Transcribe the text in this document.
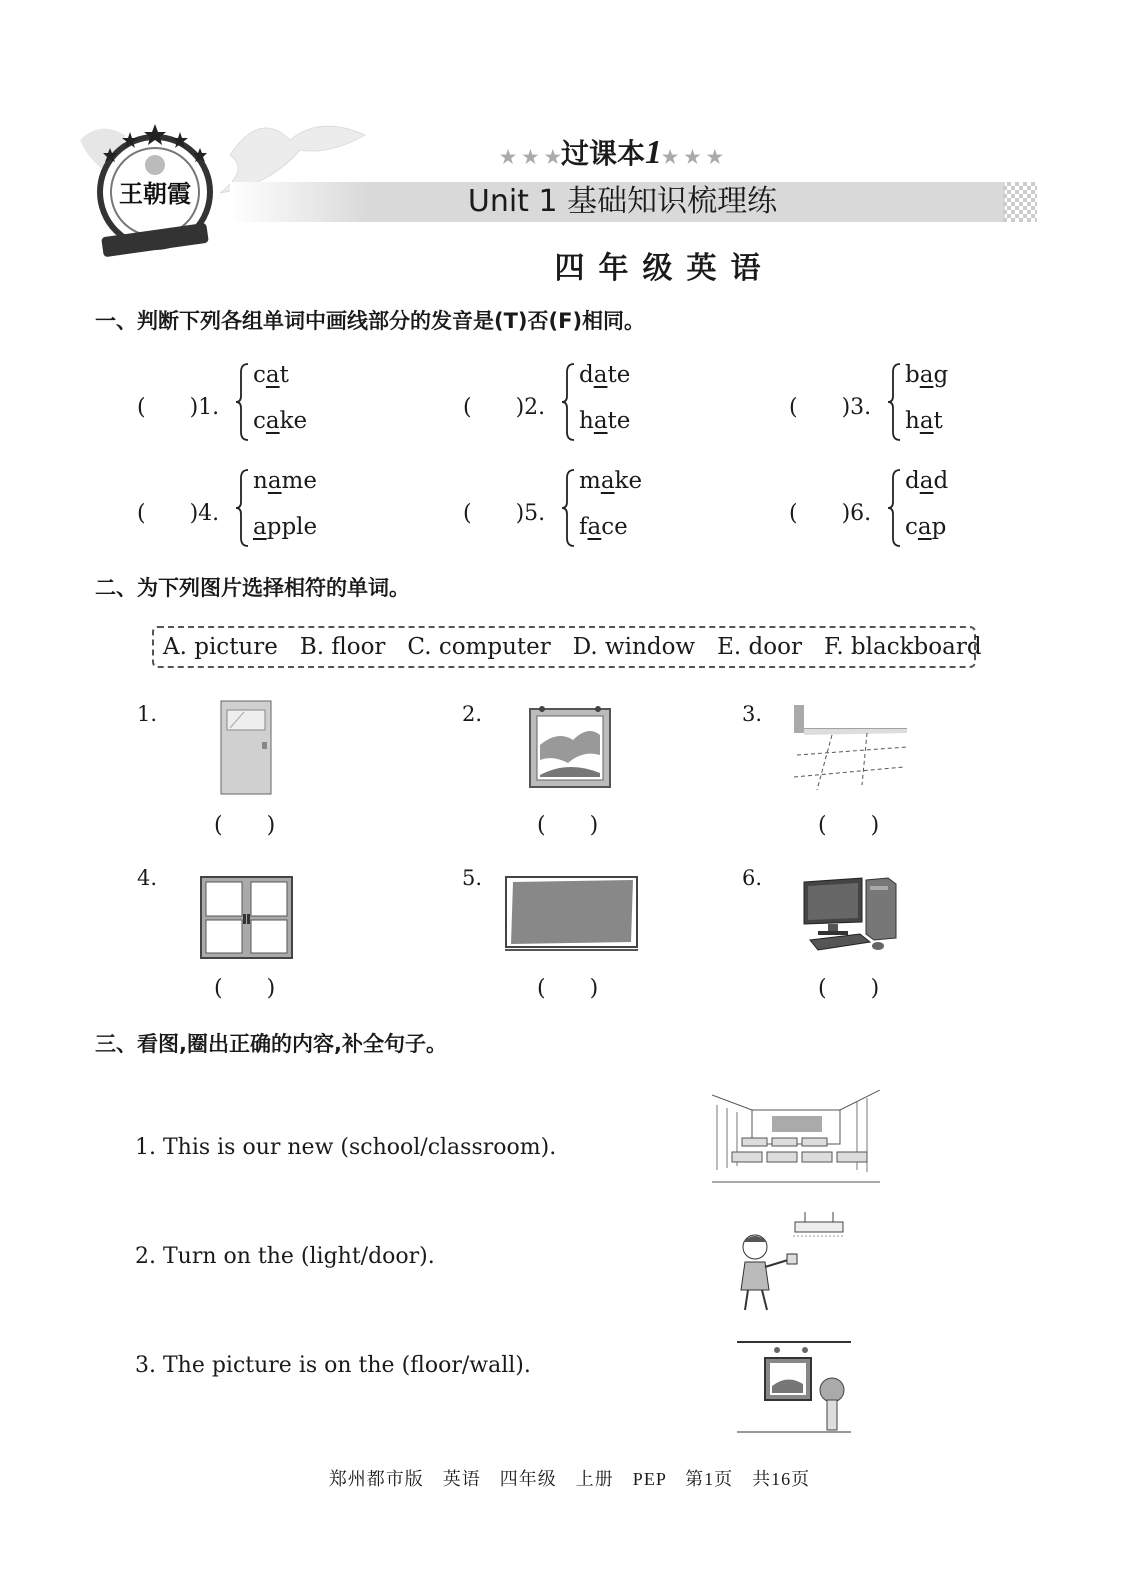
王朝霞
★ ★ ★过课本1★ ★ ★
Unit 1 基础知识梳理练
四年级英语
一、判断下列各组单词中画线部分的发音是(T)否(F)相同。
(　　)1.
cat
cake
(　　)2.
date
hate
(　　)3.
bag
hat
(　　)4.
name
apple
(　　)5.
make
face
(　　)6.
dad
cap
二、为下列图片选择相符的单词。
A. picture B. floor C. computer D. window E. door F. blackboard
1.
(　　)
2.
(　　)
3.
(　　)
4.
(　　)
5.
(　　)
6.
(　　)
三、看图,圈出正确的内容,补全句子。
1. This is our new (school/classroom).
2. Turn on the (light/door).
3. The picture is on the (floor/wall).
郑州都市版　英语　四年级　上册　PEP　第1页　共16页
